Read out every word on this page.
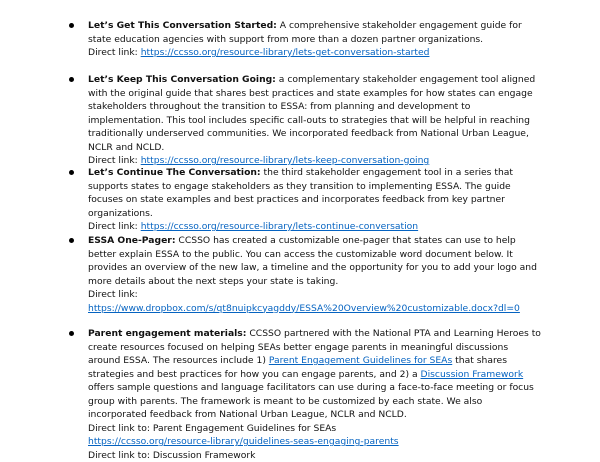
Let’s Get This Conversation Started: A comprehensive stakeholder engagement guide for state education agencies with support from more than a dozen partner organizations.
Direct link: https://ccsso.org/resource-library/lets-get-conversation-started
Let’s Keep This Conversation Going: a complementary stakeholder engagement tool aligned with the original guide that shares best practices and state examples for how states can engage stakeholders throughout the transition to ESSA: from planning and development to implementation. This tool includes specific call-outs to strategies that will be helpful in reaching traditionally underserved communities. We incorporated feedback from National Urban League, NCLR and NCLD.
Direct link: https://ccsso.org/resource-library/lets-keep-conversation-going
Let’s Continue The Conversation: the third stakeholder engagement tool in a series that supports states to engage stakeholders as they transition to implementing ESSA. The guide focuses on state examples and best practices and incorporates feedback from key partner organizations.
Direct link: https://ccsso.org/resource-library/lets-continue-conversation
ESSA One-Pager: CCSSO has created a customizable one-pager that states can use to help better explain ESSA to the public. You can access the customizable word document below. It provides an overview of the new law, a timeline and the opportunity for you to add your logo and more details about the next steps your state is taking.
Direct link:
https://www.dropbox.com/s/qt8nuipkcyagddy/ESSA%20Overview%20customizable.docx?dl=0
Parent engagement materials: CCSSO partnered with the National PTA and Learning Heroes to create resources focused on helping SEAs better engage parents in meaningful discussions around ESSA. The resources include 1) Parent Engagement Guidelines for SEAs that shares strategies and best practices for how you can engage parents, and 2) a Discussion Framework offers sample questions and language facilitators can use during a face-to-face meeting or focus group with parents. The framework is meant to be customized by each state. We also incorporated feedback from National Urban League, NCLR and NCLD.
Direct link to: Parent Engagement Guidelines for SEAs
https://ccsso.org/resource-library/guidelines-seas-engaging-parents
Direct link to: Discussion Framework
